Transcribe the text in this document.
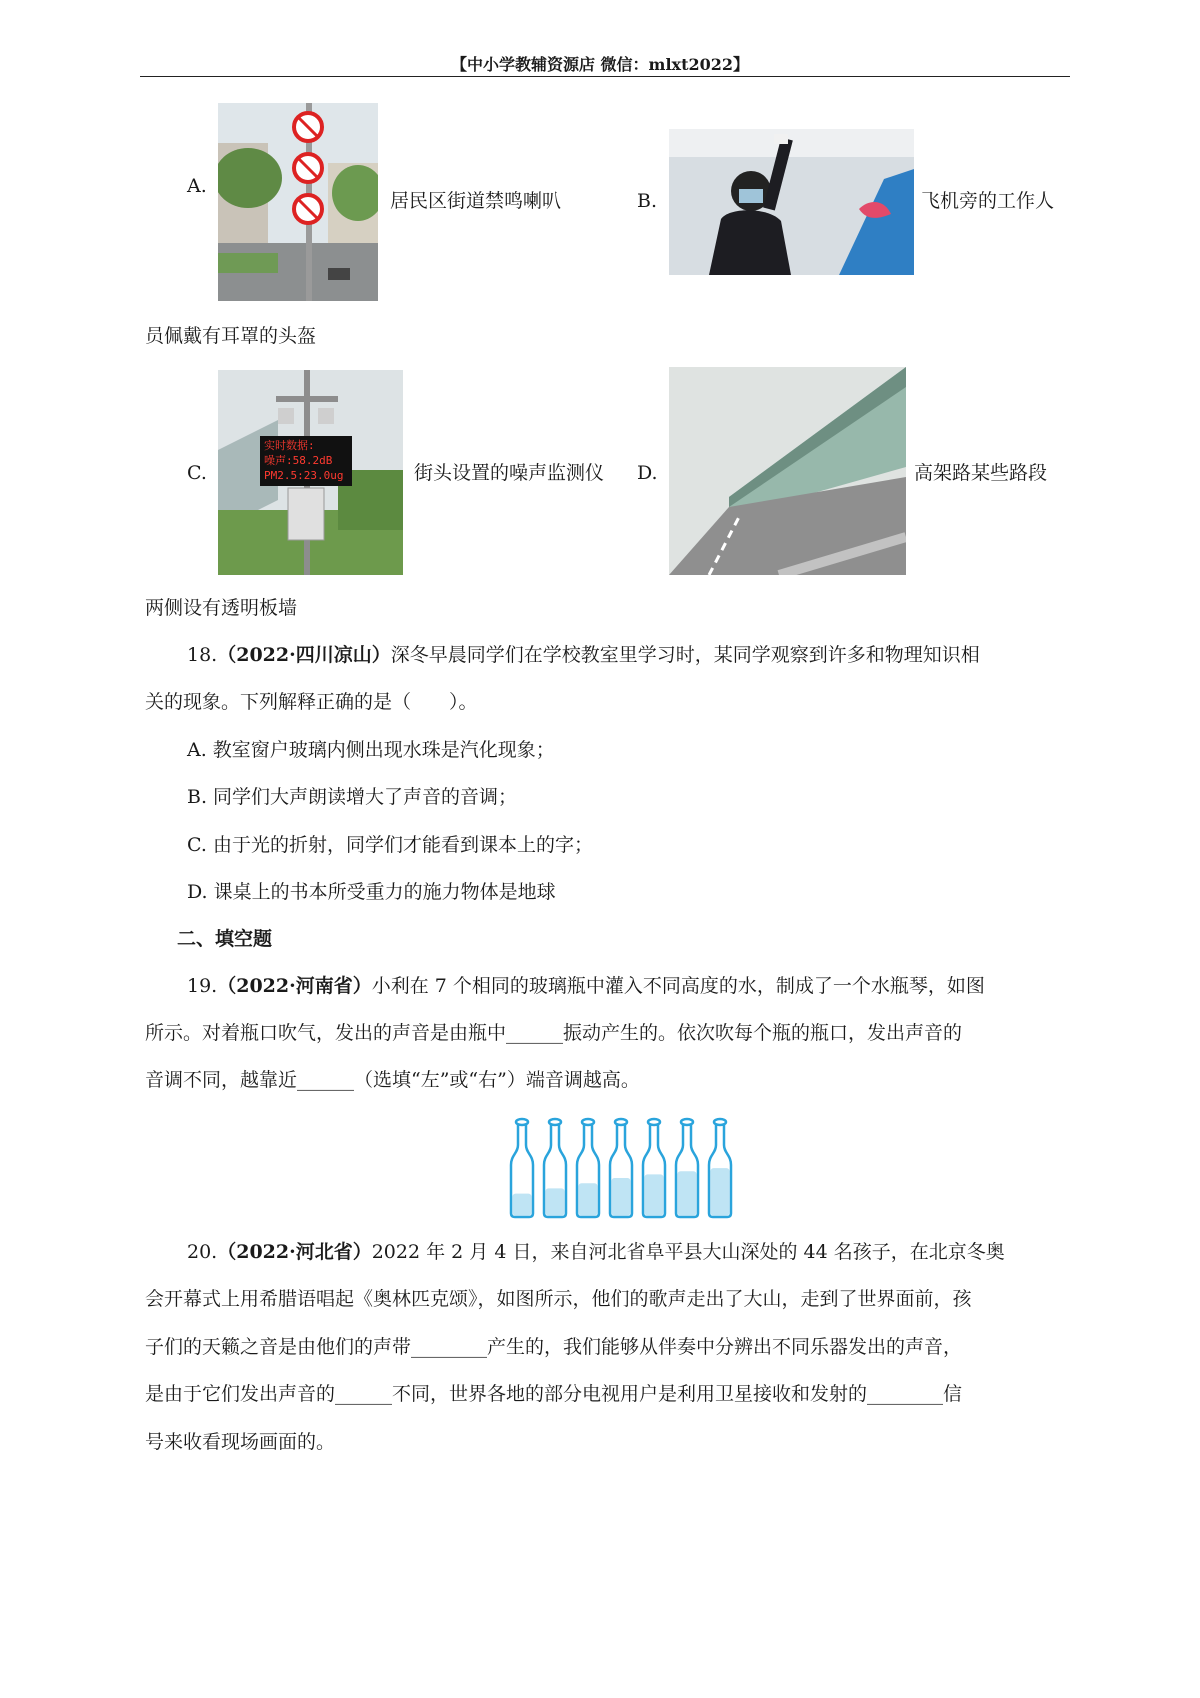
【中小学教辅资源店 微信：mlxt2022】
A.
居民区街道禁鸣喇叭	B.	飞机旁的工作人
员佩戴有耳罩的头盔
C.
实时数据:
噪声:58.2dB
PM2.5:23.0ug	街头设置的噪声监测仪 D.	高架路某些路段
两侧设有透明板墙
18.（2022·四川凉山）深冬早晨同学们在学校教室里学习时，某同学观察到许多和物理知识相
关的现象。下列解释正确的是（　　）。
A. 教室窗户玻璃内侧出现水珠是汽化现象；
B. 同学们大声朗读增大了声音的音调；
C. 由于光的折射，同学们才能看到课本上的字；
D. 课桌上的书本所受重力的施力物体是地球
二、填空题
19.（2022·河南省）小利在 7 个相同的玻璃瓶中灌入不同高度的水，制成了一个水瓶琴，如图
所示。对着瓶口吹气，发出的声音是由瓶中______振动产生的。依次吹每个瓶的瓶口，发出声音的
音调不同，越靠近______（选填“左”或“右”）端音调越高。
20.（2022·河北省）2022 年 2 月 4 日，来自河北省阜平县大山深处的 44 名孩子，在北京冬奥
会开幕式上用希腊语唱起《奥林匹克颂》，如图所示，他们的歌声走出了大山，走到了世界面前，孩
子们的天籁之音是由他们的声带________产生的，我们能够从伴奏中分辨出不同乐器发出的声音，
是由于它们发出声音的______不同，世界各地的部分电视用户是利用卫星接收和发射的________信
号来收看现场画面的。
